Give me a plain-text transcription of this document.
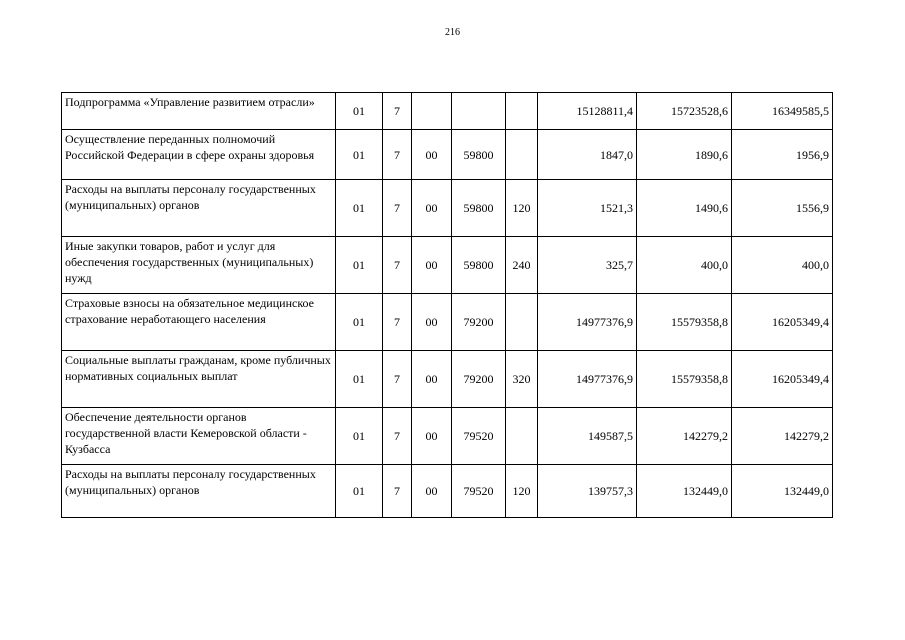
216
Подпрограмма «Управление развитием отрасли»	01	7				15128811,4	15723528,6	16349585,5
Осуществление переданных полномочий Российской Федерации в сфере охраны здоровья	01	7	00	59800		1847,0	1890,6	1956,9
Расходы на выплаты персоналу государственных (муниципальных) органов	01	7	00	59800	120	1521,3	1490,6	1556,9
Иные закупки товаров, работ и услуг для обеспечения государственных (муниципальных) нужд	01	7	00	59800	240	325,7	400,0	400,0
Страховые взносы на обязательное медицинское страхование неработающего населения	01	7	00	79200		14977376,9	15579358,8	16205349,4
Социальные выплаты гражданам, кроме публичных нормативных социальных выплат	01	7	00	79200	320	14977376,9	15579358,8	16205349,4
Обеспечение деятельности органов государственной власти Кемеровской области - Кузбасса	01	7	00	79520		149587,5	142279,2	142279,2
Расходы на выплаты персоналу государственных (муниципальных) органов	01	7	00	79520	120	139757,3	132449,0	132449,0
